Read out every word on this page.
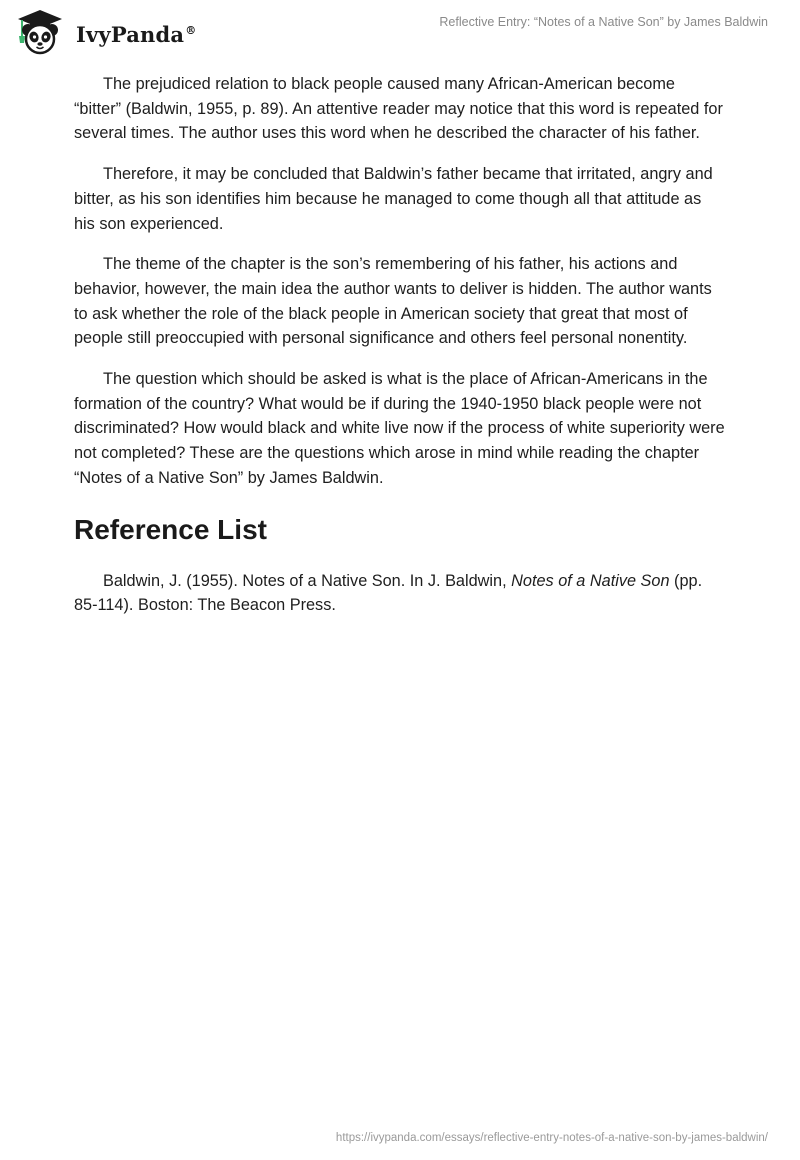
IvyPanda®
Reflective Entry: “Notes of a Native Son” by James Baldwin

The prejudiced relation to black people caused many African-American become “bitter” (Baldwin, 1955, p. 89). An attentive reader may notice that this word is repeated for several times. The author uses this word when he described the character of his father.

Therefore, it may be concluded that Baldwin’s father became that irritated, angry and bitter, as his son identifies him because he managed to come though all that attitude as his son experienced.

The theme of the chapter is the son’s remembering of his father, his actions and behavior, however, the main idea the author wants to deliver is hidden. The author wants to ask whether the role of the black people in American society that great that most of people still preoccupied with personal significance and others feel personal nonentity.

The question which should be asked is what is the place of African-Americans in the formation of the country? What would be if during the 1940-1950 black people were not discriminated? How would black and white live now if the process of white superiority were not completed? These are the questions which arose in mind while reading the chapter “Notes of a Native Son” by James Baldwin.

Reference List

Baldwin, J. (1955). Notes of a Native Son. In J. Baldwin, Notes of a Native Son (pp. 85-114). Boston: The Beacon Press.

https://ivypanda.com/essays/reflective-entry-notes-of-a-native-son-by-james-baldwin/
